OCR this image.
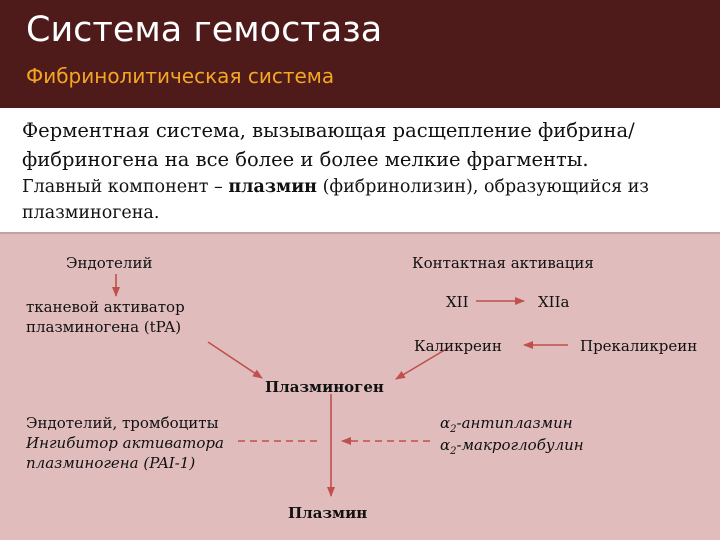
Система гемостаза
Фибринолитическая система
Ферментная система, вызывающая расщепление фибрина/
фибриногена на все более и более мелкие фрагменты.
Главный компонент – плазмин (фибринолизин), образующийся из
плазминогена.
Эндотелий	Контактная активация
тканевой активатор
плазминогена (tPA)
XII	XIIa
Каликреин	Прекаликреин
Плазминоген
Эндотелий, тромбоциты
Ингибитор активатора
плазминогена (PAI-1)
$\alpha_2$-антиплазмин
$\alpha_2$-макроглобулин
Плазмин
